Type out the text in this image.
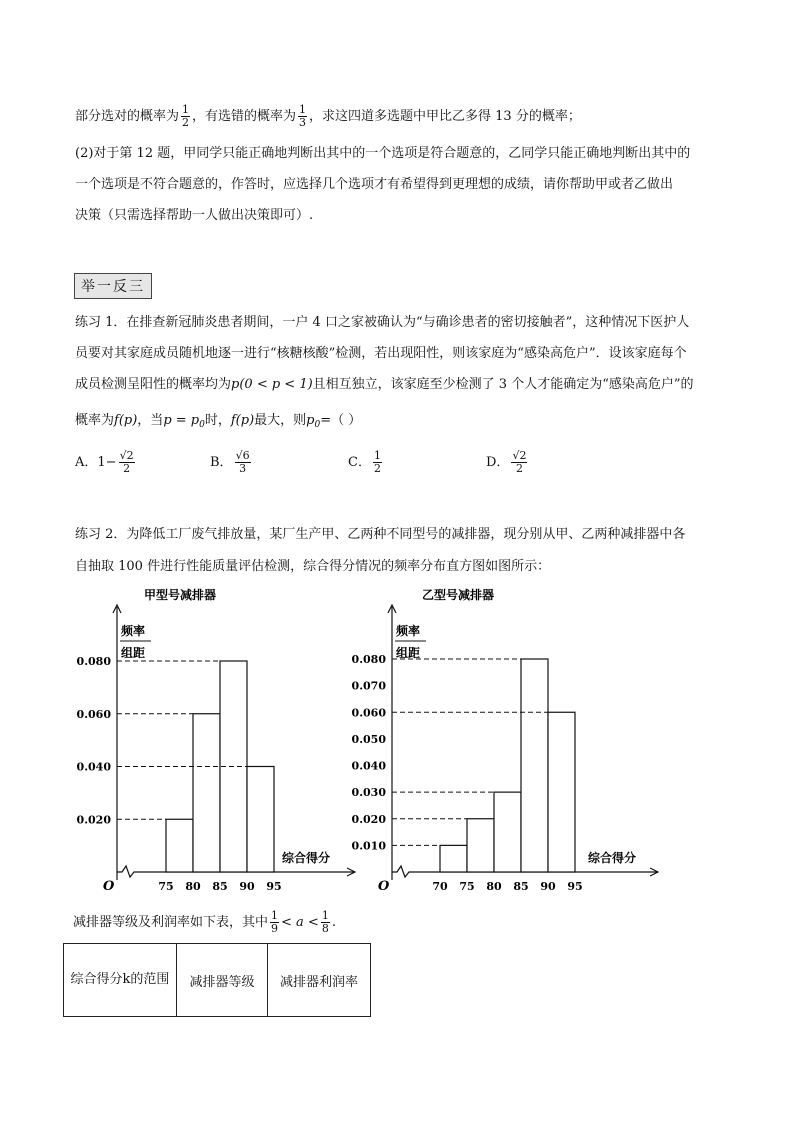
部分选对的概率为 $\frac{1}{2}$ ，有选错的概率为 $\frac{1}{3}$ ，求这四道多选题中甲比乙多得 13 分的概率；
(2)对于第 12 题，甲同学只能正确地判断出其中的一个选项是符合题意的，乙同学只能正确地判断出其中的
一个选项是不符合题意的，作答时，应选择几个选项才有希望得到更理想的成绩，请你帮助甲或者乙做出
决策（只需选择帮助一人做出决策即可）.
举一反三
练习 1．在排查新冠肺炎患者期间，一户 4 口之家被确认为“与确诊患者的密切接触者”，这种情况下医护人
员要对其家庭成员随机地逐一进行“核糖核酸”检测，若出现阳性，则该家庭为“感染高危户”．设该家庭每个
成员检测呈阳性的概率均为p(0 < p < 1)且相互独立，该家庭至少检测了 3 个人才能确定为“感染高危户”的
概率为f(p)，当$p = p_0$时，f(p)最大，则$p_0=$（ ）
A．$1- \frac{√2}{2}$	B． $\frac{√6}{3}$	C． $\frac{1}{2}$	D． $\frac{√2}{2}$
练习 2．为降低工厂废气排放量，某厂生产甲、乙两种不同型号的减排器，现分别从甲、乙两种减排器中各
自抽取 100 件进行性能质量评估检测，综合得分情况的频率分布直方图如图所示：
甲型号减排器
频率
组距
O
综合得分
0.020
0.040
0.060
0.080
75 80 85 90 95
乙型号减排器
频率
组距
O
综合得分
0.010
0.020
0.030
0.040
0.050
0.060
0.070
0.080
70 75 80 85 90 95
减排器等级及利润率如下表，其中 $\frac{1}{9} < a < \frac{1}{8}$ .
综合得分k的范围	减排器等级	减排器利润率
